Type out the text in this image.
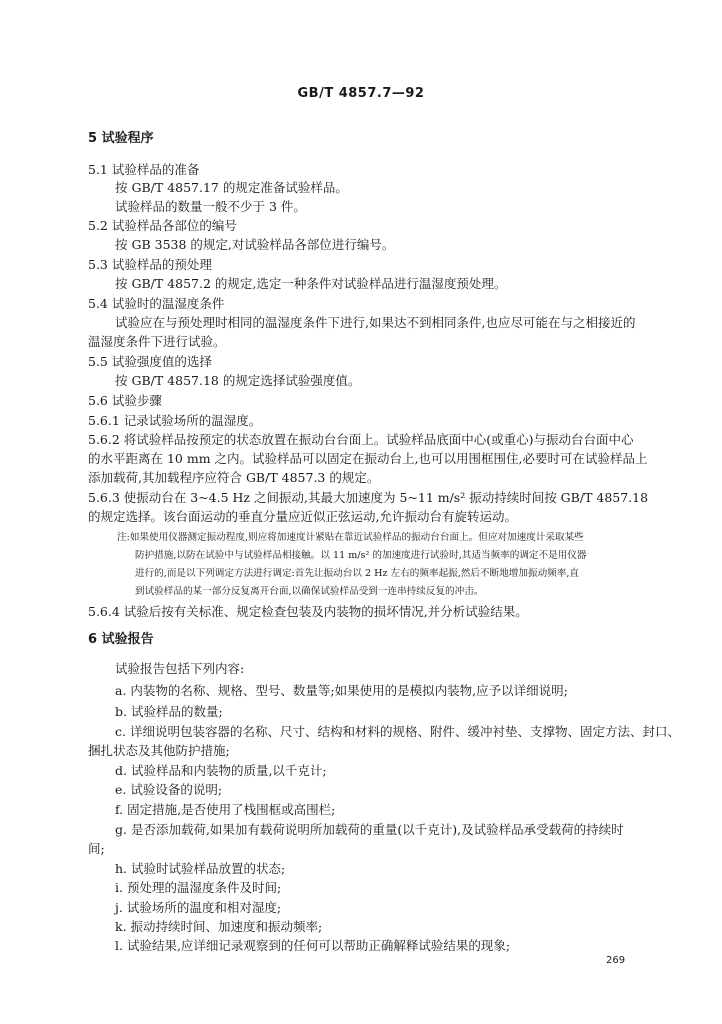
GB/T 4857.7—92
5 试验程序
5.1 试验样品的准备
按 GB/T 4857.17 的规定准备试验样品。
试验样品的数量一般不少于 3 件。
5.2 试验样品各部位的编号
按 GB 3538 的规定,对试验样品各部位进行编号。
5.3 试验样品的预处理
按 GB/T 4857.2 的规定,选定一种条件对试验样品进行温湿度预处理。
5.4 试验时的温湿度条件
试验应在与预处理时相同的温湿度条件下进行,如果达不到相同条件,也应尽可能在与之相接近的
温湿度条件下进行试验。
5.5 试验强度值的选择
按 GB/T 4857.18 的规定选择试验强度值。
5.6 试验步骤
5.6.1 记录试验场所的温湿度。
5.6.2 将试验样品按预定的状态放置在振动台台面上。试验样品底面中心(或重心)与振动台台面中心
的水平距离在 10 mm 之内。试验样品可以固定在振动台上,也可以用围框围住,必要时可在试验样品上
添加载荷,其加载程序应符合 GB/T 4857.3 的规定。
5.6.3 使振动台在 3~4.5 Hz 之间振动,其最大加速度为 5~11 m/s² 振动持续时间按 GB/T 4857.18
的规定选择。该台面运动的垂直分量应近似正弦运动,允许振动台有旋转运动。
注:如果使用仪器测定振动程度,则应将加速度计紧贴在靠近试验样品的振动台台面上。但应对加速度计采取某些
防护措施,以防在试验中与试验样品相接触。以 11 m/s² 的加速度进行试验时,其适当频率的调定不是用仪器
进行的,而是以下列调定方法进行调定:首先让振动台以 2 Hz 左右的频率起振,然后不断地增加振动频率,直
到试验样品的某一部分反复离开台面,以确保试验样品受到一连串持续反复的冲击。
5.6.4 试验后按有关标准、规定检查包装及内装物的损坏情况,并分析试验结果。
6 试验报告
试验报告包括下列内容:
a. 内装物的名称、规格、型号、数量等;如果使用的是模拟内装物,应予以详细说明;
b. 试验样品的数量;
c. 详细说明包装容器的名称、尺寸、结构和材料的规格、附件、缓冲衬垫、支撑物、固定方法、封口、
捆扎状态及其他防护措施;
d. 试验样品和内装物的质量,以千克计;
e. 试验设备的说明;
f. 固定措施,是否使用了栈围框或高围栏;
g. 是否添加载荷,如果加有载荷说明所加载荷的重量(以千克计),及试验样品承受载荷的持续时
间;
h. 试验时试验样品放置的状态;
i. 预处理的温湿度条件及时间;
j. 试验场所的温度和相对湿度;
k. 振动持续时间、加速度和振动频率;
l. 试验结果,应详细记录观察到的任何可以帮助正确解释试验结果的现象;
269
